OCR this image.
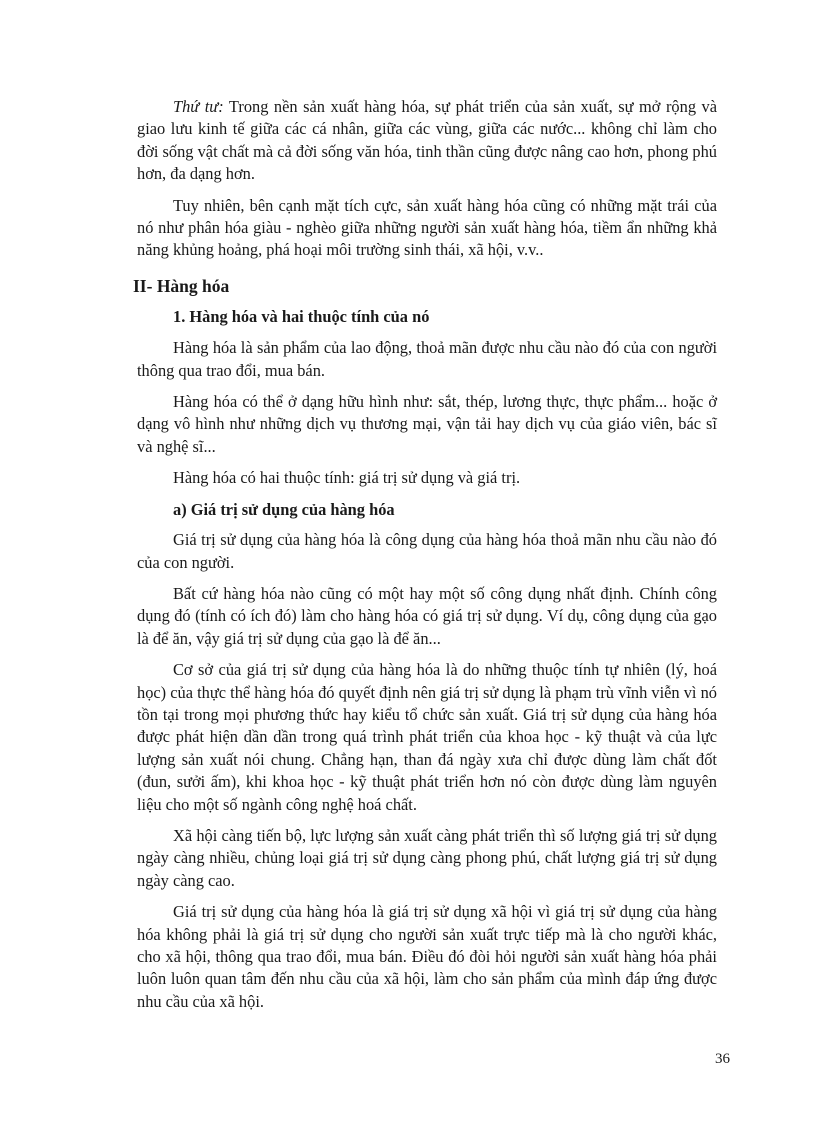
Thứ tư: Trong nền sản xuất hàng hóa, sự phát triển của sản xuất, sự mở rộng và giao lưu kinh tế giữa các cá nhân, giữa các vùng, giữa các nước... không chỉ làm cho đời sống vật chất mà cả đời sống văn hóa, tinh thần cũng được nâng cao hơn, phong phú hơn, đa dạng hơn.

Tuy nhiên, bên cạnh mặt tích cực, sản xuất hàng hóa cũng có những mặt trái của nó như phân hóa giàu - nghèo giữa những người sản xuất hàng hóa, tiềm ẩn những khả năng khủng hoảng, phá hoại môi trường sinh thái, xã hội, v.v..

II- Hàng hóa
1. Hàng hóa và hai thuộc tính của nó

Hàng hóa là sản phẩm của lao động, thoả mãn được nhu cầu nào đó của con người thông qua trao đổi, mua bán.

Hàng hóa có thể ở dạng hữu hình như: sắt, thép, lương thực, thực phẩm... hoặc ở dạng vô hình như những dịch vụ thương mại, vận tải hay dịch vụ của giáo viên, bác sĩ và nghệ sĩ...

Hàng hóa có hai thuộc tính: giá trị sử dụng và giá trị.

a) Giá trị sử dụng của hàng hóa

Giá trị sử dụng của hàng hóa là công dụng của hàng hóa thoả mãn nhu cầu nào đó của con người.

Bất cứ hàng hóa nào cũng có một hay một số công dụng nhất định. Chính công dụng đó (tính có ích đó) làm cho hàng hóa có giá trị sử dụng. Ví dụ, công dụng của gạo là để ăn, vậy giá trị sử dụng của gạo là để ăn...

Cơ sở của giá trị sử dụng của hàng hóa là do những thuộc tính tự nhiên (lý, hoá học) của thực thể hàng hóa đó quyết định nên giá trị sử dụng là phạm trù vĩnh viễn vì nó tồn tại trong mọi phương thức hay kiểu tổ chức sản xuất. Giá trị sử dụng của hàng hóa được phát hiện dần dần trong quá trình phát triển của khoa học - kỹ thuật và của lực lượng sản xuất nói chung. Chẳng hạn, than đá ngày xưa chỉ được dùng làm chất đốt (đun, sưởi ấm), khi khoa học - kỹ thuật phát triển hơn nó còn được dùng làm nguyên liệu cho một số ngành công nghệ hoá chất.

Xã hội càng tiến bộ, lực lượng sản xuất càng phát triển thì số lượng giá trị sử dụng ngày càng nhiều, chủng loại giá trị sử dụng càng phong phú, chất lượng giá trị sử dụng ngày càng cao.

Giá trị sử dụng của hàng hóa là giá trị sử dụng xã hội vì giá trị sử dụng của hàng hóa không phải là giá trị sử dụng cho người sản xuất trực tiếp mà là cho người khác, cho xã hội, thông qua trao đổi, mua bán. Điều đó đòi hỏi người sản xuất hàng hóa phải luôn luôn quan tâm đến nhu cầu của xã hội, làm cho sản phẩm của mình đáp ứng được nhu cầu của xã hội.

36
